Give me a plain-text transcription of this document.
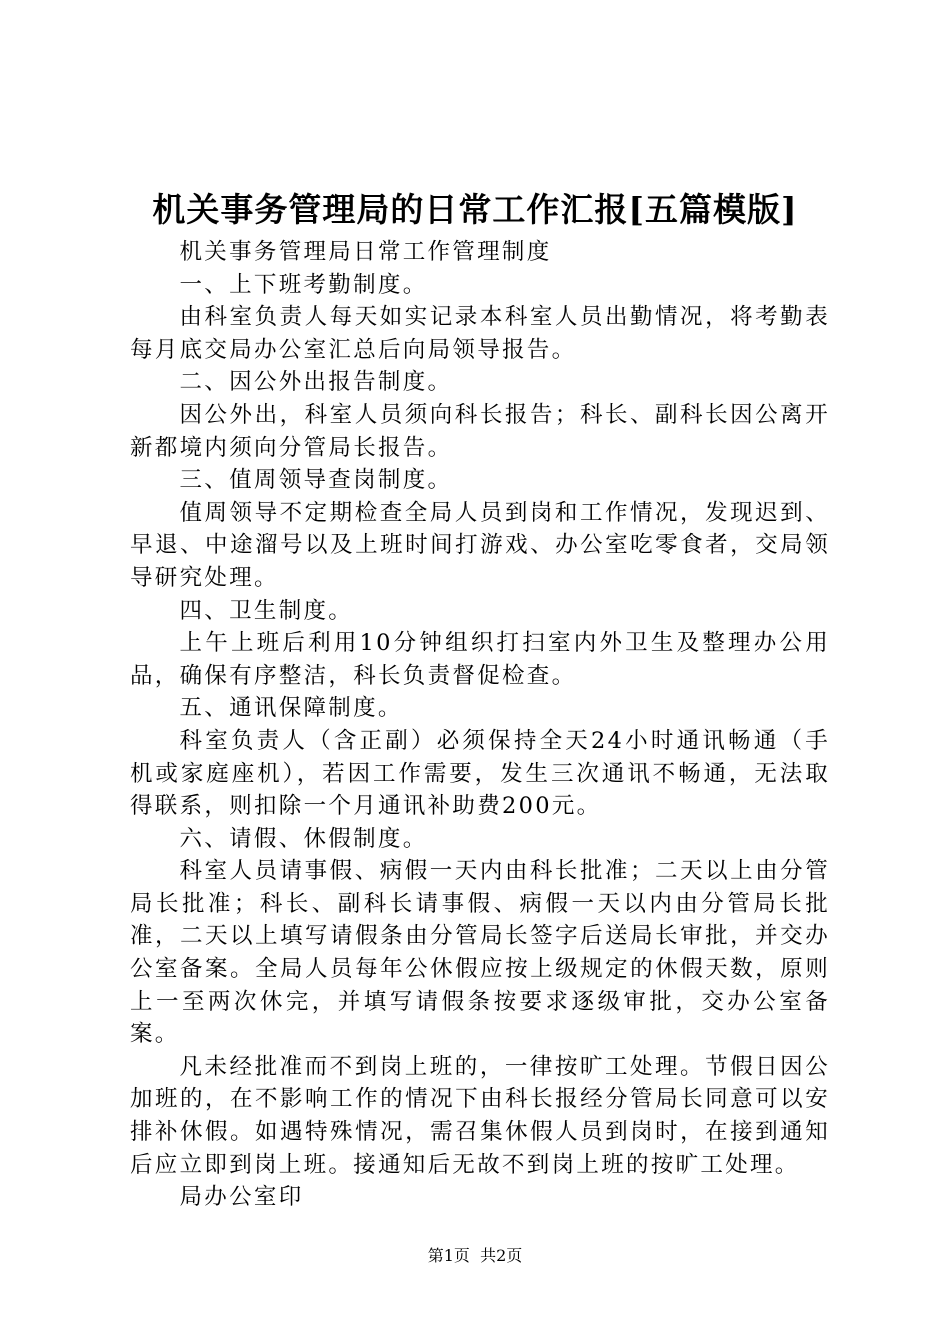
机关事务管理局的日常工作汇报[五篇模版]

机关事务管理局日常工作管理制度

一、上下班考勤制度。

由科室负责人每天如实记录本科室人员出勤情况，将考勤表每月底交局办公室汇总后向局领导报告。

二、因公外出报告制度。

因公外出，科室人员须向科长报告；科长、副科长因公离开新都境内须向分管局长报告。

三、值周领导查岗制度。

值周领导不定期检查全局人员到岗和工作情况，发现迟到、早退、中途溜号以及上班时间打游戏、办公室吃零食者，交局领导研究处理。

四、卫生制度。

上午上班后利用10分钟组织打扫室内外卫生及整理办公用品，确保有序整洁，科长负责督促检查。

五、通讯保障制度。

科室负责人（含正副）必须保持全天24小时通讯畅通（手机或家庭座机），若因工作需要，发生三次通讯不畅通，无法取得联系，则扣除一个月通讯补助费200元。

六、请假、休假制度。

科室人员请事假、病假一天内由科长批准；二天以上由分管局长批准；科长、副科长请事假、病假一天以内由分管局长批准，二天以上填写请假条由分管局长签字后送局长审批，并交办公室备案。全局人员每年公休假应按上级规定的休假天数，原则上一至两次休完，并填写请假条按要求逐级审批，交办公室备案。

凡未经批准而不到岗上班的，一律按旷工处理。节假日因公加班的，在不影响工作的情况下由科长报经分管局长同意可以安排补休假。如遇特殊情况，需召集休假人员到岗时，在接到通知后应立即到岗上班。接通知后无故不到岗上班的按旷工处理。

局办公室印

第1页  共2页
